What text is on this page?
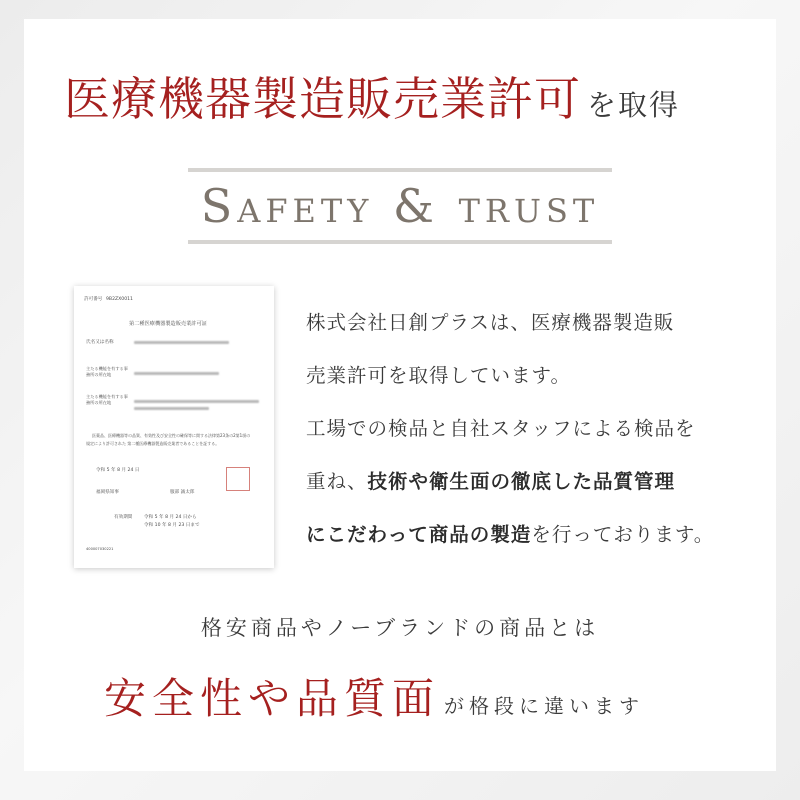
医療機器製造販売業許可 を取得
Safety & trust
許可番号 9B2ZX0011
第二種医療機器製造販売業許可証
氏名又は名称
主たる機能を有する事務所の所在地
主たる機能を有する事務所の所在地
医薬品、医療機器等の品質、有効性及び安全性の確保等に関する法律第23条の2第1項の
規定により許可された 第二種医療機器製造販売業者であることを証する。
令和 5 年 8 月 24 日
福岡県知事	服部 誠太郎
有効期間	令和 5 年 8 月 24 日から
令和 10 年 8 月 23 日まで
400007030221
株式会社日創プラスは、医療機器製造販
売業許可を取得しています。
工場での検品と自社スタッフによる検品を
重ね、技術や衛生面の徹底した品質管理
にこだわって商品の製造を行っております。
格安商品やノーブランドの商品とは
安全性や品質面 が格段に違います
